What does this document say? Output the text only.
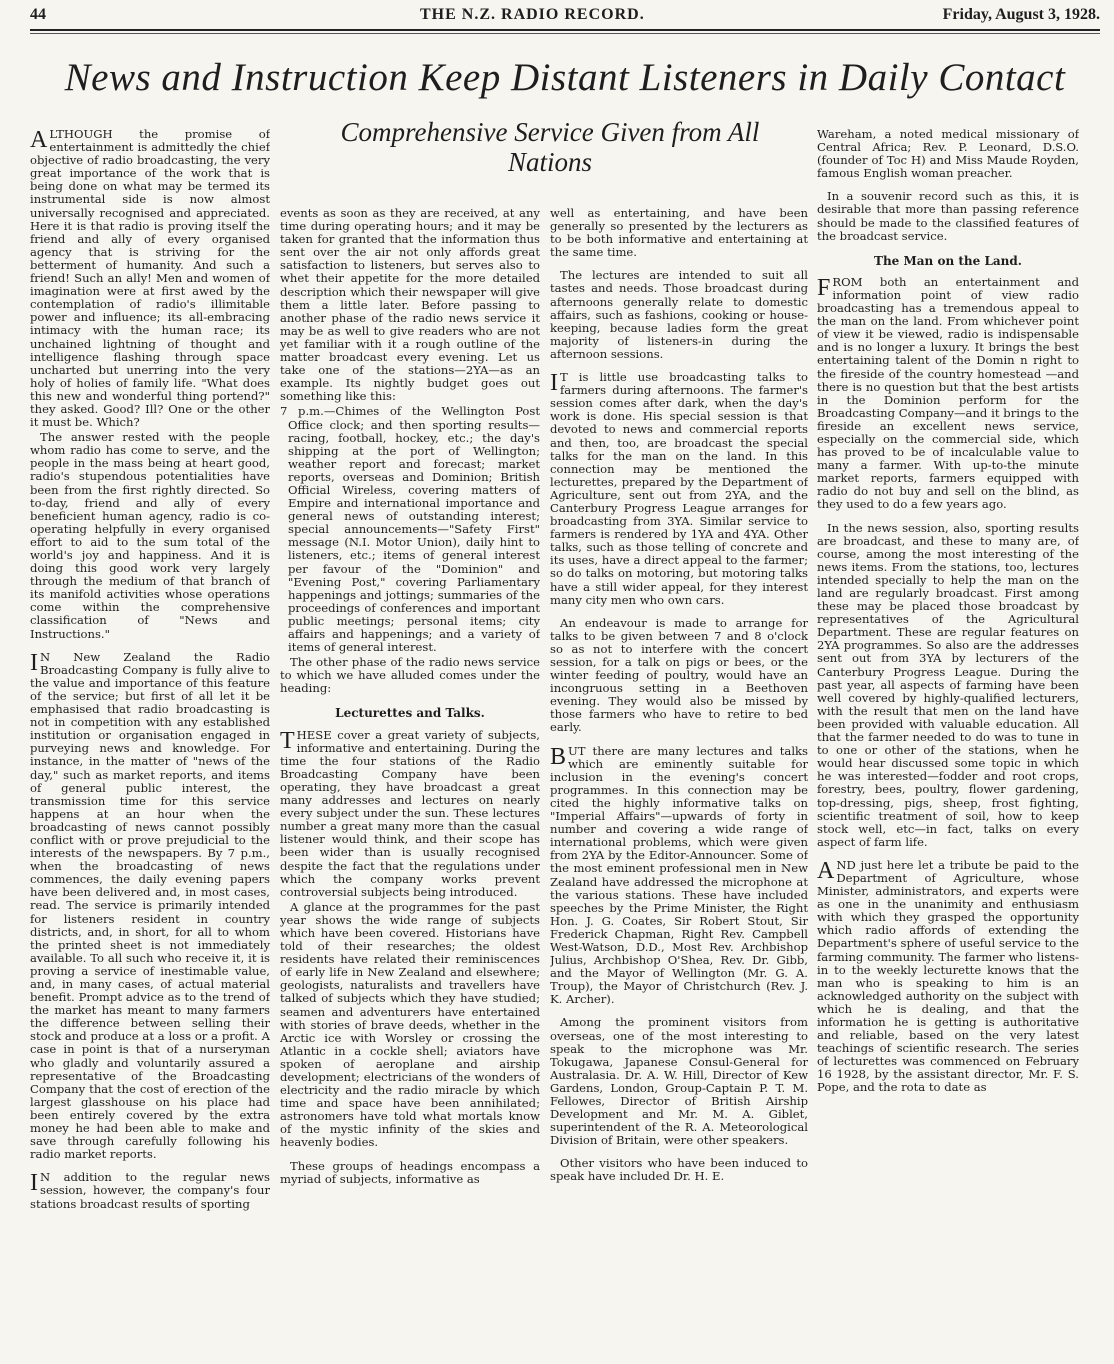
44	THE N.Z. RADIO RECORD.	Friday, August 3, 1928.
News and Instruction Keep Distant Listeners in Daily Contact
Comprehensive Service Given from All Nations

ALTHOUGH the promise of entertainment is admittedly the chief objective of radio broadcasting, the very great importance of the work that is being done on what may be termed its instrumental side is now almost universally recognised and appreciated. Here it is that radio is proving itself the friend and ally of every organised agency that is striving for the betterment of humanity. And such a friend! Such an ally! Men and women of imagination were at first awed by the contemplation of radio's illimitable power and influence; its all-embracing intimacy with the human race; its unchained lightning of thought and intelligence flashing through space uncharted but unerring into the very holy of holies of family life. "What does this new and wonderful thing portend?" they asked. Good? Ill? One or the other it must be. Which?

The answer rested with the people whom radio has come to serve, and the people in the mass being at heart good, radio's stupendous potentialities have been from the first rightly directed. So to-day, friend and ally of every beneficient human agency, radio is co-operating helpfully in every organised effort to aid to the sum total of the world's joy and happiness. And it is doing this good work very largely through the medium of that branch of its manifold activities whose operations come within the comprehensive classification of "News and Instructions."

I N New Zealand the Radio Broadcasting Company is fully alive to the value and importance of this feature of the service; but first of all let it be emphasised that radio broadcasting is not in competition with any established institution or organisation engaged in purveying news and knowledge. For instance, in the matter of "news of the day," such as market reports, and items of general public interest, the transmission time for this service happens at an hour when the broadcasting of news cannot possibly conflict with or prove prejudicial to the interests of the newspapers. By 7 p.m., when the broadcasting of news commences, the daily evening papers have been delivered and, in most cases, read. The service is primarily intended for listeners resident in country districts, and, in short, for all to whom the printed sheet is not immediately available. To all such who receive it, it is proving a service of inestimable value, and, in many cases, of actual material benefit. Prompt advice as to the trend of the market has meant to many farmers the difference between selling their stock and produce at a loss or a profit. A case in point is that of a nurseryman who gladly and voluntarily assured a representative of the Broadcasting Company that the cost of erection of the largest glasshouse on his place had been entirely covered by the extra money he had been able to make and save through carefully following his radio market reports.

I N addition to the regular news session, however, the company's four stations broadcast results of sporting

events as soon as they are received, at any time during operating hours; and it may be taken for granted that the information thus sent over the air not only affords great satisfaction to listeners, but serves also to whet their appetite for the more detailed description which their newspaper will give them a little later. Before passing to another phase of the radio news service it may be as well to give readers who are not yet familiar with it a rough outline of the matter broadcast every evening. Let us take one of the stations—2YA—as an example. Its nightly budget goes out something like this:

7 p.m.—Chimes of the Wellington Post Office clock; and then sporting results—racing, football, hockey, etc.; the day's shipping at the port of Wellington; weather report and forecast; market reports, overseas and Dominion; British Official Wireless, covering matters of Empire and international importance and general news of outstanding interest; special announcements—"Safety First" message (N.I. Motor Union), daily hint to listeners, etc.; items of general interest per favour of the "Dominion" and "Evening Post," covering Parliamentary happenings and jottings; summaries of the proceedings of conferences and important public meetings; personal items; city affairs and happenings; and a variety of items of general interest.

The other phase of the radio news service to which we have alluded comes under the heading:

Lecturettes and Talks.

THESE cover a great variety of subjects, informative and entertaining. During the time the four stations of the Radio Broadcasting Company have been operating, they have broadcast a great many addresses and lectures on nearly every subject under the sun. These lectures number a great many more than the casual listener would think, and their scope has been wider than is usually recognised despite the fact that the regulations under which the company works prevent controversial subjects being introduced.

A glance at the programmes for the past year shows the wide range of subjects which have been covered. Historians have told of their researches; the oldest residents have related their reminiscences of early life in New Zealand and elsewhere; geologists, naturalists and travellers have talked of subjects which they have studied; seamen and adventurers have entertained with stories of brave deeds, whether in the Arctic ice with Worsley or crossing the Atlantic in a cockle shell; aviators have spoken of aeroplane and airship development; electricians of the wonders of electricity and the radio miracle by which time and space have been annihilated; astronomers have told what mortals know of the mystic infinity of the skies and heavenly bodies.

These groups of headings encompass a myriad of subjects, informative as

well as entertaining, and have been generally so presented by the lecturers as to be both informative and entertaining at the same time.

The lectures are intended to suit all tastes and needs. Those broadcast during afternoons generally relate to domestic affairs, such as fashions, cooking or house-keeping, because ladies form the great majority of listeners-in during the afternoon sessions.

I T is little use broadcasting talks to farmers during afternoons. The farmer's session comes after dark, when the day's work is done. His special session is that devoted to news and commercial reports and then, too, are broadcast the special talks for the man on the land. In this connection may be mentioned the lecturettes, prepared by the Department of Agriculture, sent out from 2YA, and the Canterbury Progress League arranges for broadcasting from 3YA. Similar service to farmers is rendered by 1YA and 4YA. Other talks, such as those telling of concrete and its uses, have a direct appeal to the farmer; so do talks on motoring, but motoring talks have a still wider appeal, for they interest many city men who own cars.

An endeavour is made to arrange for talks to be given between 7 and 8 o'clock so as not to interfere with the concert session, for a talk on pigs or bees, or the winter feeding of poultry, would have an incongruous setting in a Beethoven evening. They would also be missed by those farmers who have to retire to bed early.

BUT there are many lectures and talks which are eminently suitable for inclusion in the evening's concert programmes. In this connection may be cited the highly informative talks on "Imperial Affairs"—upwards of forty in number and covering a wide range of international problems, which were given from 2YA by the Editor-Announcer. Some of the most eminent professional men in New Zealand have addressed the microphone at the various stations. These have included speeches by the Prime Minister, the Right Hon. J. G. Coates, Sir Robert Stout, Sir Frederick Chapman, Right Rev. Campbell West-Watson, D.D., Most Rev. Archbishop Julius, Archbishop O'Shea, Rev. Dr. Gibb, and the Mayor of Wellington (Mr. G. A. Troup), the Mayor of Christchurch (Rev. J. K. Archer).

Among the prominent visitors from overseas, one of the most interesting to speak to the microphone was Mr. Tokugawa, Japanese Consul-General for Australasia. Dr. A. W. Hill, Director of Kew Gardens, London, Group-Captain P. T. M. Fellowes, Director of British Airship Development and Mr. M. A. Giblet, superintendent of the R. A. Meteorological Division of Britain, were other speakers.

Other visitors who have been induced to speak have included Dr. H. E.

Wareham, a noted medical missionary of Central Africa; Rev. P. Leonard, D.S.O. (founder of Toc H) and Miss Maude Royden, famous English woman preacher.

In a souvenir record such as this, it is desirable that more than passing reference should be made to the classified features of the broadcast service.

The Man on the Land.

FROM both an entertainment and information point of view radio broadcasting has a tremendous appeal to the man on the land. From whichever point of view it be viewed, radio is indispensable and is no longer a luxury. It brings the best entertaining talent of the Domin n right to the fireside of the country homestead —and there is no question but that the best artists in the Dominion perform for the Broadcasting Company—and it brings to the fireside an excellent news service, especially on the commercial side, which has proved to be of incalculable value to many a farmer. With up-to-the minute market reports, farmers equipped with radio do not buy and sell on the blind, as they used to do a few years ago.

In the news session, also, sporting results are broadcast, and these to many are, of course, among the most interesting of the news items. From the stations, too, lectures intended specially to help the man on the land are regularly broadcast. First among these may be placed those broadcast by representatives of the Agricultural Department. These are regular features on 2YA programmes. So also are the addresses sent out from 3YA by lecturers of the Canterbury Progress League. During the past year, all aspects of farming have been well covered by highly-qualified lecturers, with the result that men on the land have been provided with valuable education. All that the farmer needed to do was to tune in to one or other of the stations, when he would hear discussed some topic in which he was interested—fodder and root crops, forestry, bees, poultry, flower gardening, top-dressing, pigs, sheep, frost fighting, scientific treatment of soil, how to keep stock well, etc—in fact, talks on every aspect of farm life.

AND just here let a tribute be paid to the Department of Agriculture, whose Minister, administrators, and experts were as one in the unanimity and enthusiasm with which they grasped the opportunity which radio affords of extending the Department's sphere of useful service to the farming community. The farmer who listens-in to the weekly lecturette knows that the man who is speaking to him is an acknowledged authority on the subject with which he is dealing, and that the information he is getting is authoritative and reliable, based on the very latest teachings of scientific research. The series of lecturettes was commenced on February 16 1928, by the assistant director, Mr. F. S. Pope, and the rota to date as
